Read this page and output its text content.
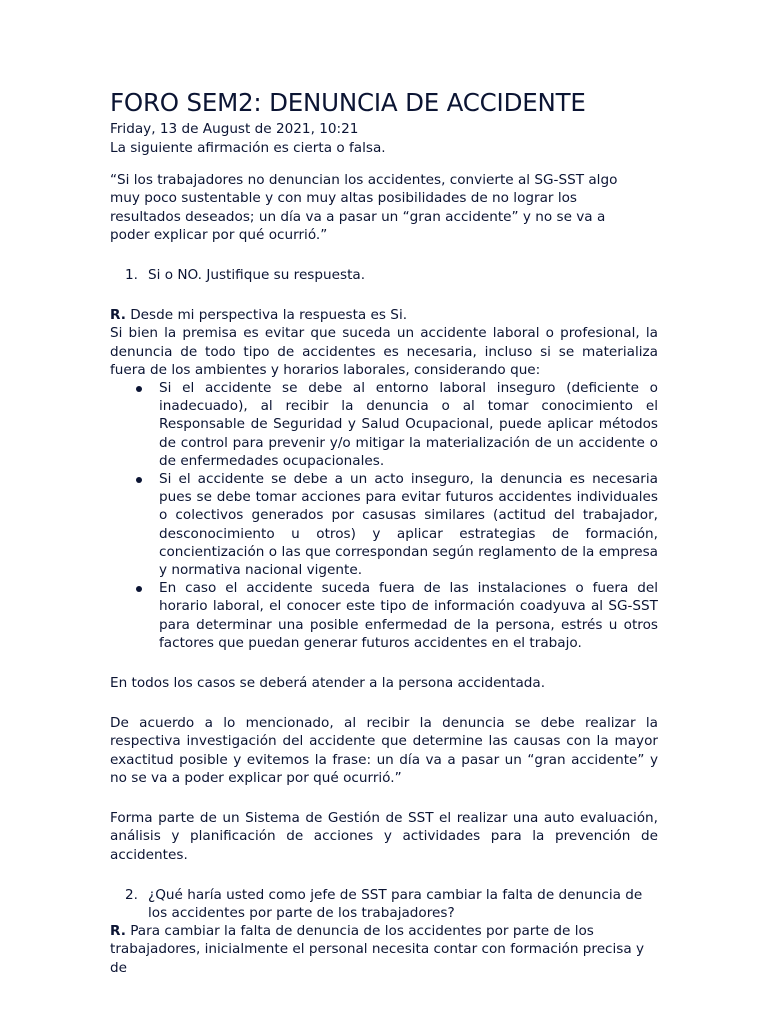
FORO SEM2: DENUNCIA DE ACCIDENTE

Friday, 13 de August de 2021, 10:21

La siguiente afirmación es cierta o falsa.

“Si los trabajadores no denuncian los accidentes, convierte al SG-SST algo muy poco sustentable y con muy altas posibilidades de no lograr los resultados deseados; un día va a pasar un “gran accidente” y no se va a poder explicar por qué ocurrió.”

1. Si o NO. Justifique su respuesta.

R. Desde mi perspectiva la respuesta es Si.

Si bien la premisa es evitar que suceda un accidente laboral o profesional, la denuncia de todo tipo de accidentes es necesaria, incluso si se materializa fuera de los ambientes y horarios laborales, considerando que:

Si el accidente se debe al entorno laboral inseguro (deficiente o inadecuado), al recibir la denuncia o al tomar conocimiento el Responsable de Seguridad y Salud Ocupacional, puede aplicar métodos de control para prevenir y/o mitigar la materialización de un accidente o de enfermedades ocupacionales.
Si el accidente se debe a un acto inseguro, la denuncia es necesaria pues se debe tomar acciones para evitar futuros accidentes individuales o colectivos generados por casusas similares (actitud del trabajador, desconocimiento u otros) y aplicar estrategias de formación, concientización o las que correspondan según reglamento de la empresa y normativa nacional vigente.
En caso el accidente suceda fuera de las instalaciones o fuera del horario laboral, el conocer este tipo de información coadyuva al SG-SST para determinar una posible enfermedad de la persona, estrés u otros factores que puedan generar futuros accidentes en el trabajo.

En todos los casos se deberá atender a la persona accidentada.

De acuerdo a lo mencionado, al recibir la denuncia se debe realizar la respectiva investigación del accidente que determine las causas con la mayor exactitud posible y evitemos la frase: un día va a pasar un “gran accidente” y no se va a poder explicar por qué ocurrió.”

Forma parte de un Sistema de Gestión de SST el realizar una auto evaluación, análisis y planificación de acciones y actividades para la prevención de accidentes.

2. ¿Qué haría usted como jefe de SST para cambiar la falta de denuncia de los accidentes por parte de los trabajadores?

R. Para cambiar la falta de denuncia de los accidentes por parte de los trabajadores, inicialmente el personal necesita contar con formación precisa y de
